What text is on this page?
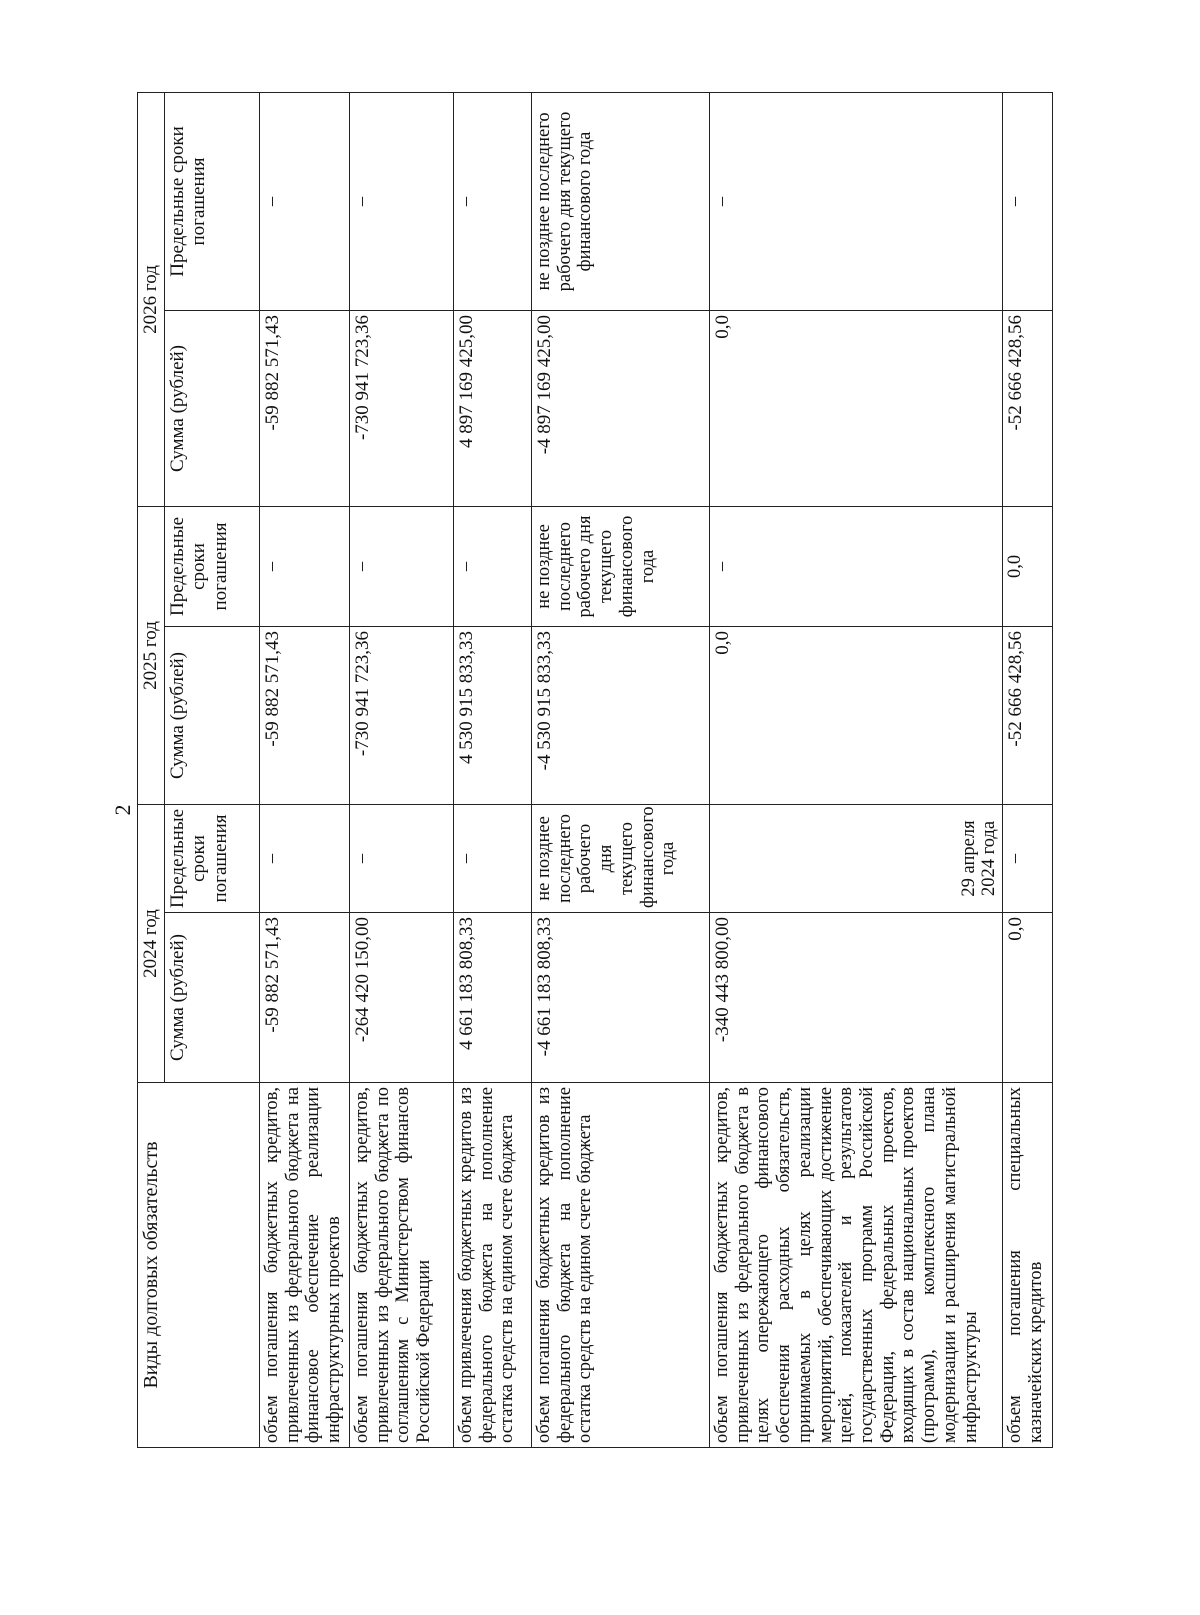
2
Виды долговых обязательств	2024 год		2025 год		2026 год	
	Сумма (рублей)	Предельные сроки погашения	Сумма (рублей)	Предельные сроки погашения	Сумма (рублей)	Предельные сроки погашения
объем погашения бюджетных кредитов, привлеченных из федерального бюджета на финансовое обеспечение реализации инфраструктурных проектов	-59 882 571,43	–	-59 882 571,43	–	-59 882 571,43	–
объем погашения бюджетных кредитов, привлеченных из федерального бюджета по соглашениям с Министерством финансов Российской Федерации	-264 420 150,00	–	-730 941 723,36	–	-730 941 723,36	–
объем привлечения бюджетных кредитов из федерального бюджета на пополнение остатка средств на едином счете бюджета	4 661 183 808,33	–	4 530 915 833,33	–	4 897 169 425,00	–
объем погашения бюджетных кредитов из федерального бюджета на пополнение остатка средств на едином счете бюджета	-4 661 183 808,33	не позднее последнего рабочего дня текущего финансового года	-4 530 915 833,33	не позднее последнего рабочего дня текущего финансового года	-4 897 169 425,00	не позднее последнего рабочего дня текущего финансового года
объем погашения бюджетных кредитов, привлеченных из федерального бюджета в целях опережающего финансового обеспечения расходных обязательств, принимаемых в целях реализации мероприятий, обеспечивающих достижение целей, показателей и результатов государственных программ Российской Федерации, федеральных проектов, входящих в состав национальных проектов (программ), комплексного плана модернизации и расширения магистральной инфраструктуры	-340 443 800,00	29 апреля 2024 года	0,0	–	0,0	–
объем погашения специальных казначейских кредитов	0,0	–	-52 666 428,56	0,0	-52 666 428,56	–
